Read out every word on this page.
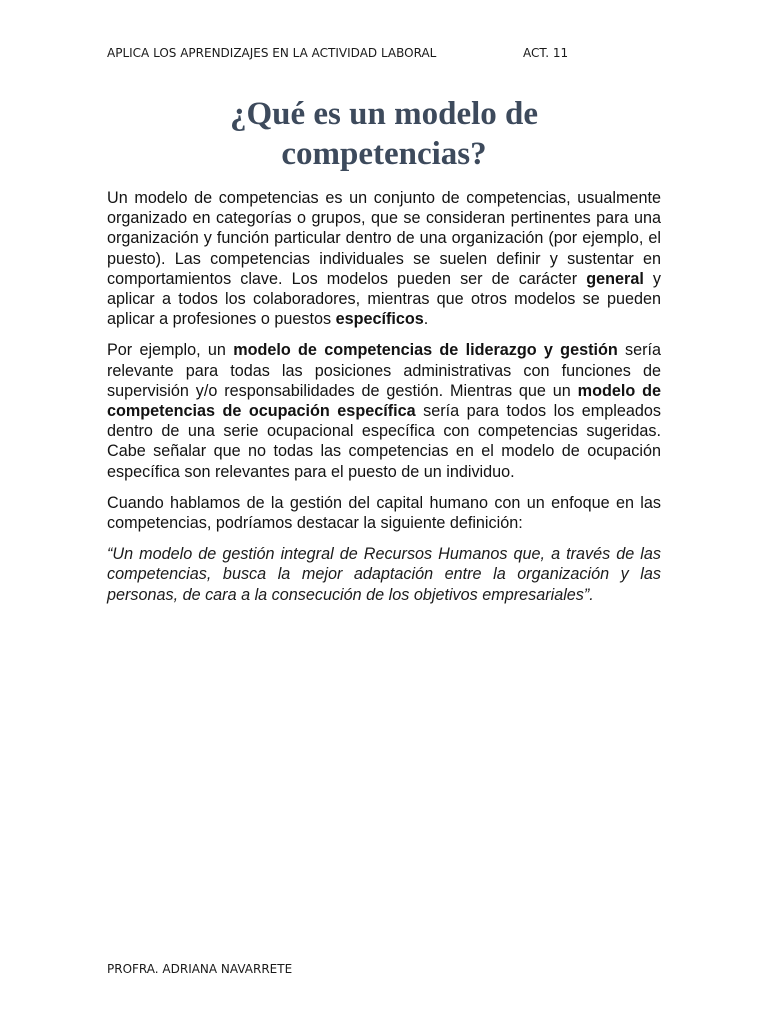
APLICA LOS APRENDIZAJES EN LA ACTIVIDAD LABORAL	ACT. 11
¿Qué es un modelo de
competencias?

Un modelo de competencias es un conjunto de competencias, usualmente organizado en categorías o grupos, que se consideran pertinentes para una organización y función particular dentro de una organización (por ejemplo, el puesto). Las competencias individuales se suelen definir y sustentar en comportamientos clave. Los modelos pueden ser de carácter general y aplicar a todos los colaboradores, mientras que otros modelos se pueden aplicar a profesiones o puestos específicos.

Por ejemplo, un modelo de competencias de liderazgo y gestión sería relevante para todas las posiciones administrativas con funciones de supervisión y/o responsabilidades de gestión. Mientras que un modelo de competencias de ocupación específica sería para todos los empleados dentro de una serie ocupacional específica con competencias sugeridas. Cabe señalar que no todas las competencias en el modelo de ocupación específica son relevantes para el puesto de un individuo.

Cuando hablamos de la gestión del capital humano con un enfoque en las competencias, podríamos destacar la siguiente definición:

“Un modelo de gestión integral de Recursos Humanos que, a través de las competencias, busca la mejor adaptación entre la organización y las personas, de cara a la consecución de los objetivos empresariales”.

PROFRA. ADRIANA NAVARRETE
